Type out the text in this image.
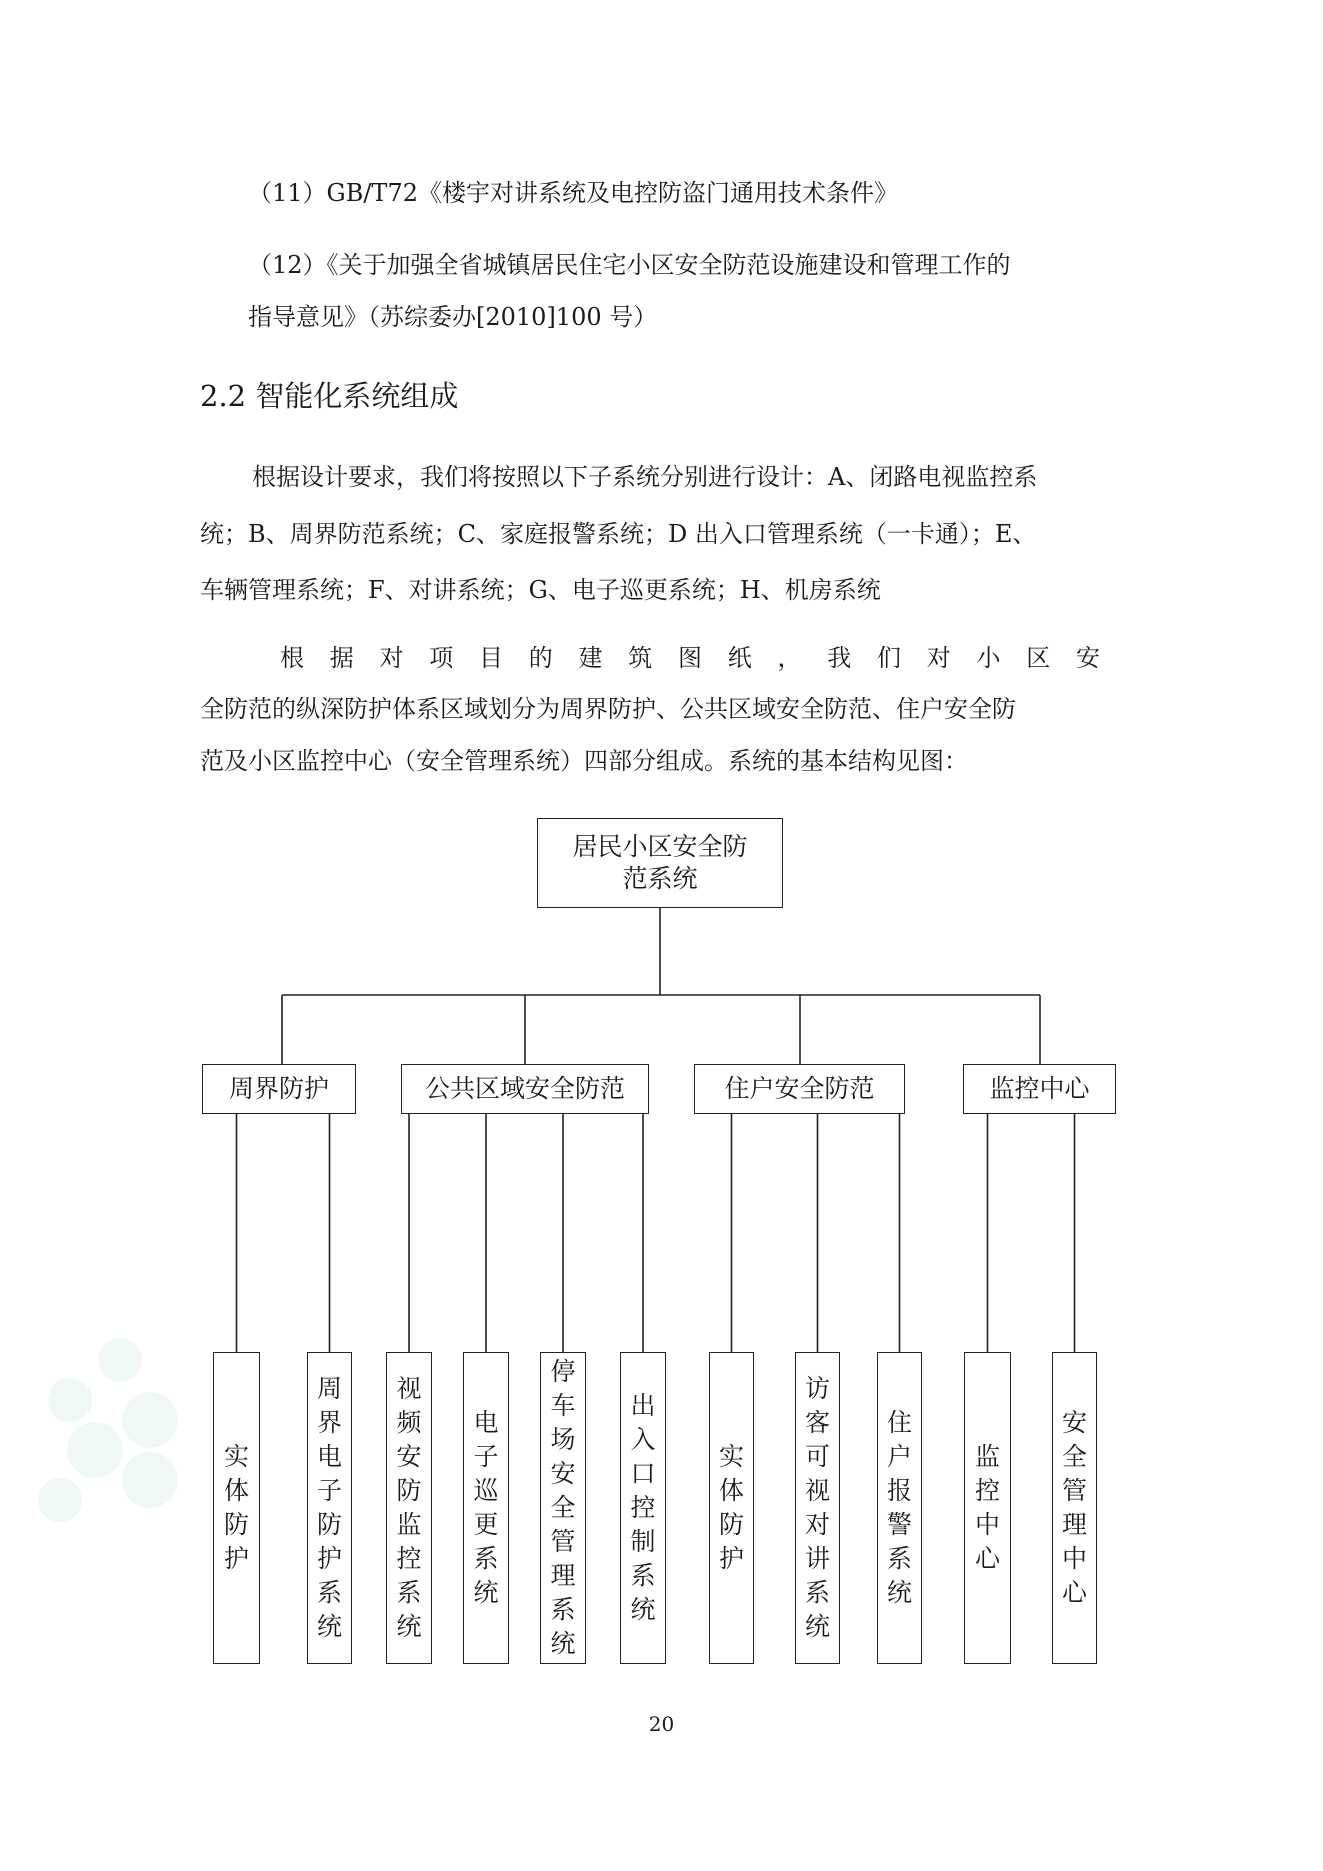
（11）GB/T72《楼宇对讲系统及电控防盗门通用技术条件》
（12）《关于加强全省城镇居民住宅小区安全防范设施建设和管理工作的
指导意见》（苏综委办[2010]100 号）
2.2 智能化系统组成
根据设计要求，我们将按照以下子系统分别进行设计：A、闭路电视监控系
统；B、周界防范系统；C、家庭报警系统；D 出入口管理系统（一卡通）；E、
车辆管理系统；F、对讲系统；G、电子巡更系统；H、机房系统
根 据 对 项 目 的 建 筑 图 纸 ， 我 们 对 小 区 安
全防范的纵深防护体系区域划分为周界防护、公共区域安全防范、住户安全防
范及小区监控中心（安全管理系统）四部分组成。系统的基本结构见图：
居民小区安全防范系统
周界防护
实体防护
周界电子防护系统
公共区域安全防范
视频安防监控系统
电子巡更系统
停车场安全管理系统
出入口控制系统
住户安全防范
实体防护
访客可视对讲系统
住户报警系统
监控中心
监控中心
安全管理中心
20
